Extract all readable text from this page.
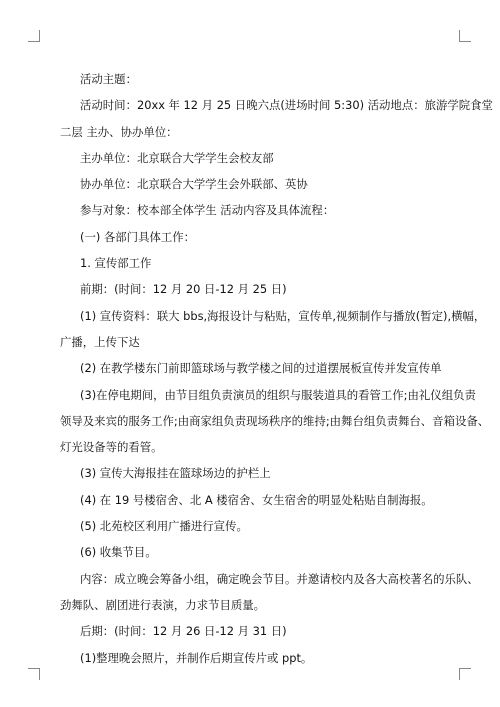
活动主题：
活动时间：20xx 年 12 月 25 日晚六点(进场时间 5:30) 活动地点：旅游学院食堂
二层 主办、协办单位：
主办单位：北京联合大学学生会校友部
协办单位：北京联合大学学生会外联部、英协
参与对象：校本部全体学生 活动内容及具体流程：
(一) 各部门具体工作：
1. 宣传部工作
前期：(时间：12 月 20 日-12 月 25 日)
(1) 宣传资料：联大 bbs,海报设计与粘贴，宣传单,视频制作与播放(暂定),横幅，
广播，上传下达
(2) 在教学楼东门前即篮球场与教学楼之间的过道摆展板宣传并发宣传单
(3)在停电期间，由节目组负责演员的组织与服装道具的看管工作;由礼仪组负责
领导及来宾的服务工作;由商家组负责现场秩序的维持;由舞台组负责舞台、音箱设备、
灯光设备等的看管。
(3) 宣传大海报挂在篮球场边的护栏上
(4) 在 19 号楼宿舍、北 A 楼宿舍、女生宿舍的明显处粘贴自制海报。
(5) 北苑校区利用广播进行宣传。
(6) 收集节目。
内容：成立晚会筹备小组，确定晚会节目。并邀请校内及各大高校著名的乐队、
劲舞队、剧团进行表演，力求节目质量。
后期：(时间：12 月 26 日-12 月 31 日)
(1)整理晚会照片，并制作后期宣传片或 ppt。
